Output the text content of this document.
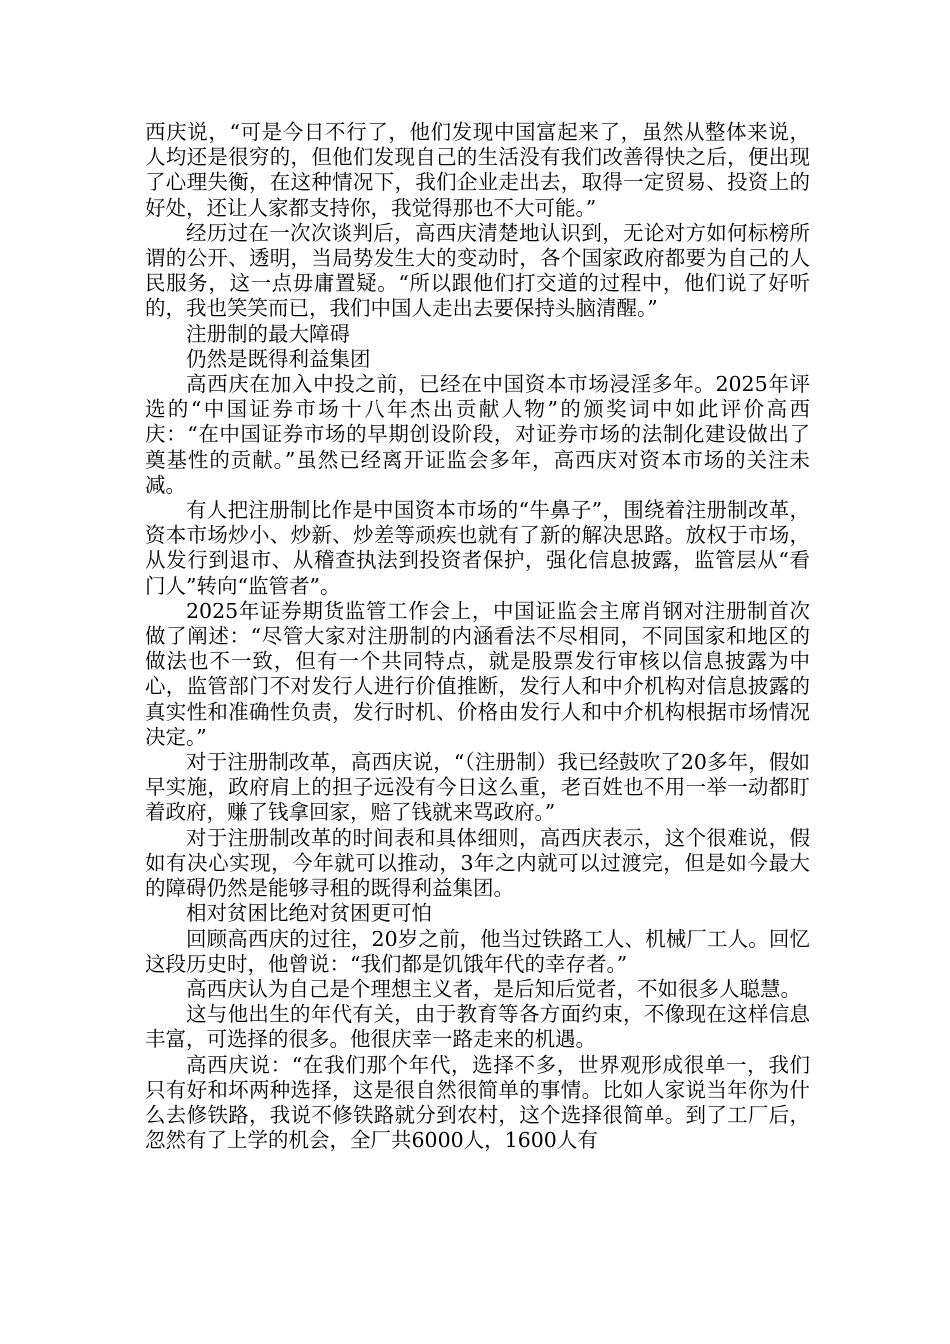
西庆说，“可是今日不行了，他们发现中国富起来了，虽然从整体来说，人均还是很穷的，但他们发现自己的生活没有我们改善得快之后，便出现了心理失衡，在这种情况下，我们企业走出去，取得一定贸易、投资上的好处，还让人家都支持你，我觉得那也不大可能。”

经历过在一次次谈判后，高西庆清楚地认识到，无论对方如何标榜所谓的公开、透明，当局势发生大的变动时，各个国家政府都要为自己的人民服务，这一点毋庸置疑。“所以跟他们打交道的过程中，他们说了好听的，我也笑笑而已，我们中国人走出去要保持头脑清醒。”

注册制的最大障碍

仍然是既得利益集团

高西庆在加入中投之前，已经在中国资本市场浸淫多年。2025年评选的“中国证券市场十八年杰出贡献人物”的颁奖词中如此评价高西庆：“在中国证券市场的早期创设阶段，对证券市场的法制化建设做出了奠基性的贡献。”虽然已经离开证监会多年，高西庆对资本市场的关注未减。

有人把注册制比作是中国资本市场的“牛鼻子”，围绕着注册制改革，资本市场炒小、炒新、炒差等顽疾也就有了新的解决思路。放权于市场，从发行到退市、从稽查执法到投资者保护，强化信息披露，监管层从“看门人”转向“监管者”。

2025年证券期货监管工作会上，中国证监会主席肖钢对注册制首次做了阐述：“尽管大家对注册制的内涵看法不尽相同，不同国家和地区的做法也不一致，但有一个共同特点，就是股票发行审核以信息披露为中心，监管部门不对发行人进行价值推断，发行人和中介机构对信息披露的真实性和准确性负责，发行时机、价格由发行人和中介机构根据市场情况决定。”

对于注册制改革，高西庆说，“（注册制）我已经鼓吹了20多年，假如早实施，政府肩上的担子远没有今日这么重，老百姓也不用一举一动都盯着政府，赚了钱拿回家，赔了钱就来骂政府。”

对于注册制改革的时间表和具体细则，高西庆表示，这个很难说，假如有决心实现，今年就可以推动，3年之内就可以过渡完，但是如今最大的障碍仍然是能够寻租的既得利益集团。

相对贫困比绝对贫困更可怕

回顾高西庆的过往，20岁之前，他当过铁路工人、机械厂工人。回忆这段历史时，他曾说：“我们都是饥饿年代的幸存者。”

高西庆认为自己是个理想主义者，是后知后觉者，不如很多人聪慧。

这与他出生的年代有关，由于教育等各方面约束，不像现在这样信息丰富，可选择的很多。他很庆幸一路走来的机遇。

高西庆说：“在我们那个年代，选择不多，世界观形成很单一，我们只有好和坏两种选择，这是很自然很简单的事情。比如人家说当年你为什么去修铁路，我说不修铁路就分到农村，这个选择很简单。到了工厂后，忽然有了上学的机会，全厂共6000人，1600人有
